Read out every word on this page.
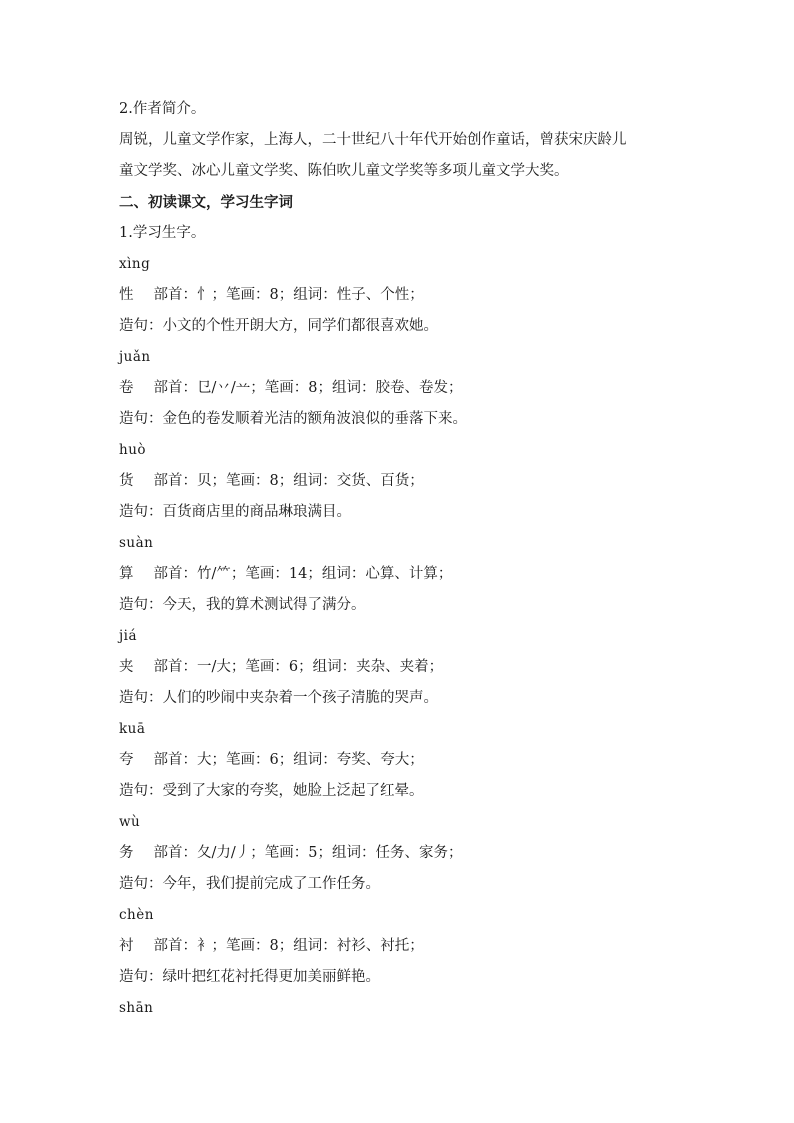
2.作者简介。
周锐，儿童文学作家，上海人，二十世纪八十年代开始创作童话，曾获宋庆龄儿
童文学奖、冰心儿童文学奖、陈伯吹儿童文学奖等多项儿童文学大奖。
二、初读课文，学习生字词
1.学习生字。
xìng
性 部首：忄；笔画：8；组词：性子、个性；
造句：小文的个性开朗大方，同学们都很喜欢她。
juǎn
卷 部首：㔾/丷/䒑；笔画：8；组词：胶卷、卷发；
造句：金色的卷发顺着光洁的额角波浪似的垂落下来。
huò
货 部首：贝；笔画：8；组词：交货、百货；
造句：百货商店里的商品琳琅满目。
suàn
算 部首：竹/⺮；笔画：14；组词：心算、计算；
造句：今天，我的算术测试得了满分。
jiá
夹 部首：一/大；笔画：6；组词：夹杂、夹着；
造句：人们的吵闹中夹杂着一个孩子清脆的哭声。
kuā
夸 部首：大；笔画：6；组词：夸奖、夸大；
造句：受到了大家的夸奖，她脸上泛起了红晕。
wù
务 部首：夂/力/丿；笔画：5；组词：任务、家务；
造句：今年，我们提前完成了工作任务。
chèn
衬 部首：衤；笔画：8；组词：衬衫、衬托；
造句：绿叶把红花衬托得更加美丽鲜艳。
shān
